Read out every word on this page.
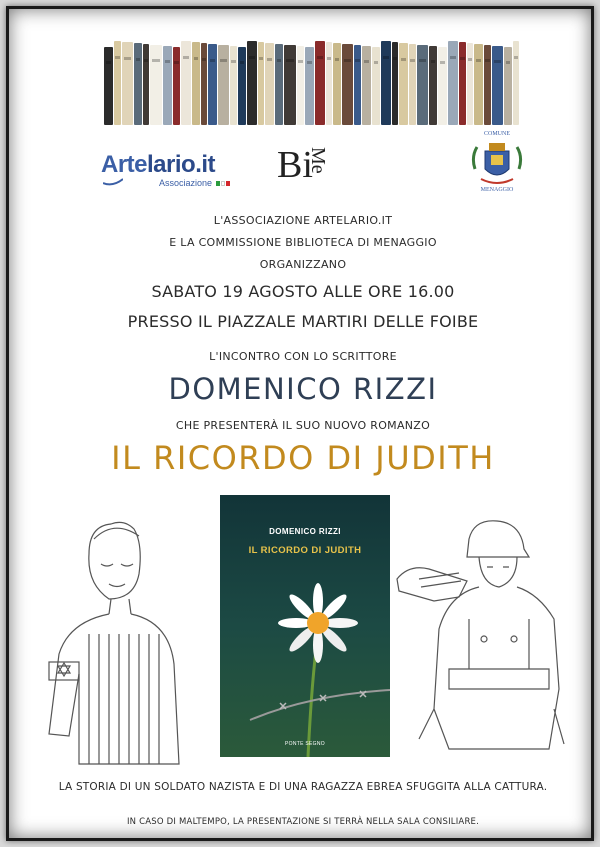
Artelario.it
Associazione	Bi
Me
COMUNE
MENAGGIO
L'ASSOCIAZIONE ARTELARIO.IT
E LA COMMISSIONE BIBLIOTECA DI MENAGGIO
ORGANIZZANO
SABATO 19 AGOSTO ALLE ORE 16.00
PRESSO IL PIAZZALE MARTIRI DELLE FOIBE
L'INCONTRO CON LO SCRITTORE
DOMENICO RIZZI
CHE PRESENTERÀ IL SUO NUOVO ROMANZO
IL RICORDO DI JUDITH
DOMENICO RIZZI
IL RICORDO DI JUDITH
PONTE SEGNO
LA STORIA DI UN SOLDATO NAZISTA E DI UNA RAGAZZA EBREA SFUGGITA ALLA CATTURA.
IN CASO DI MALTEMPO, LA PRESENTAZIONE SI TERRÀ NELLA SALA CONSILIARE.
